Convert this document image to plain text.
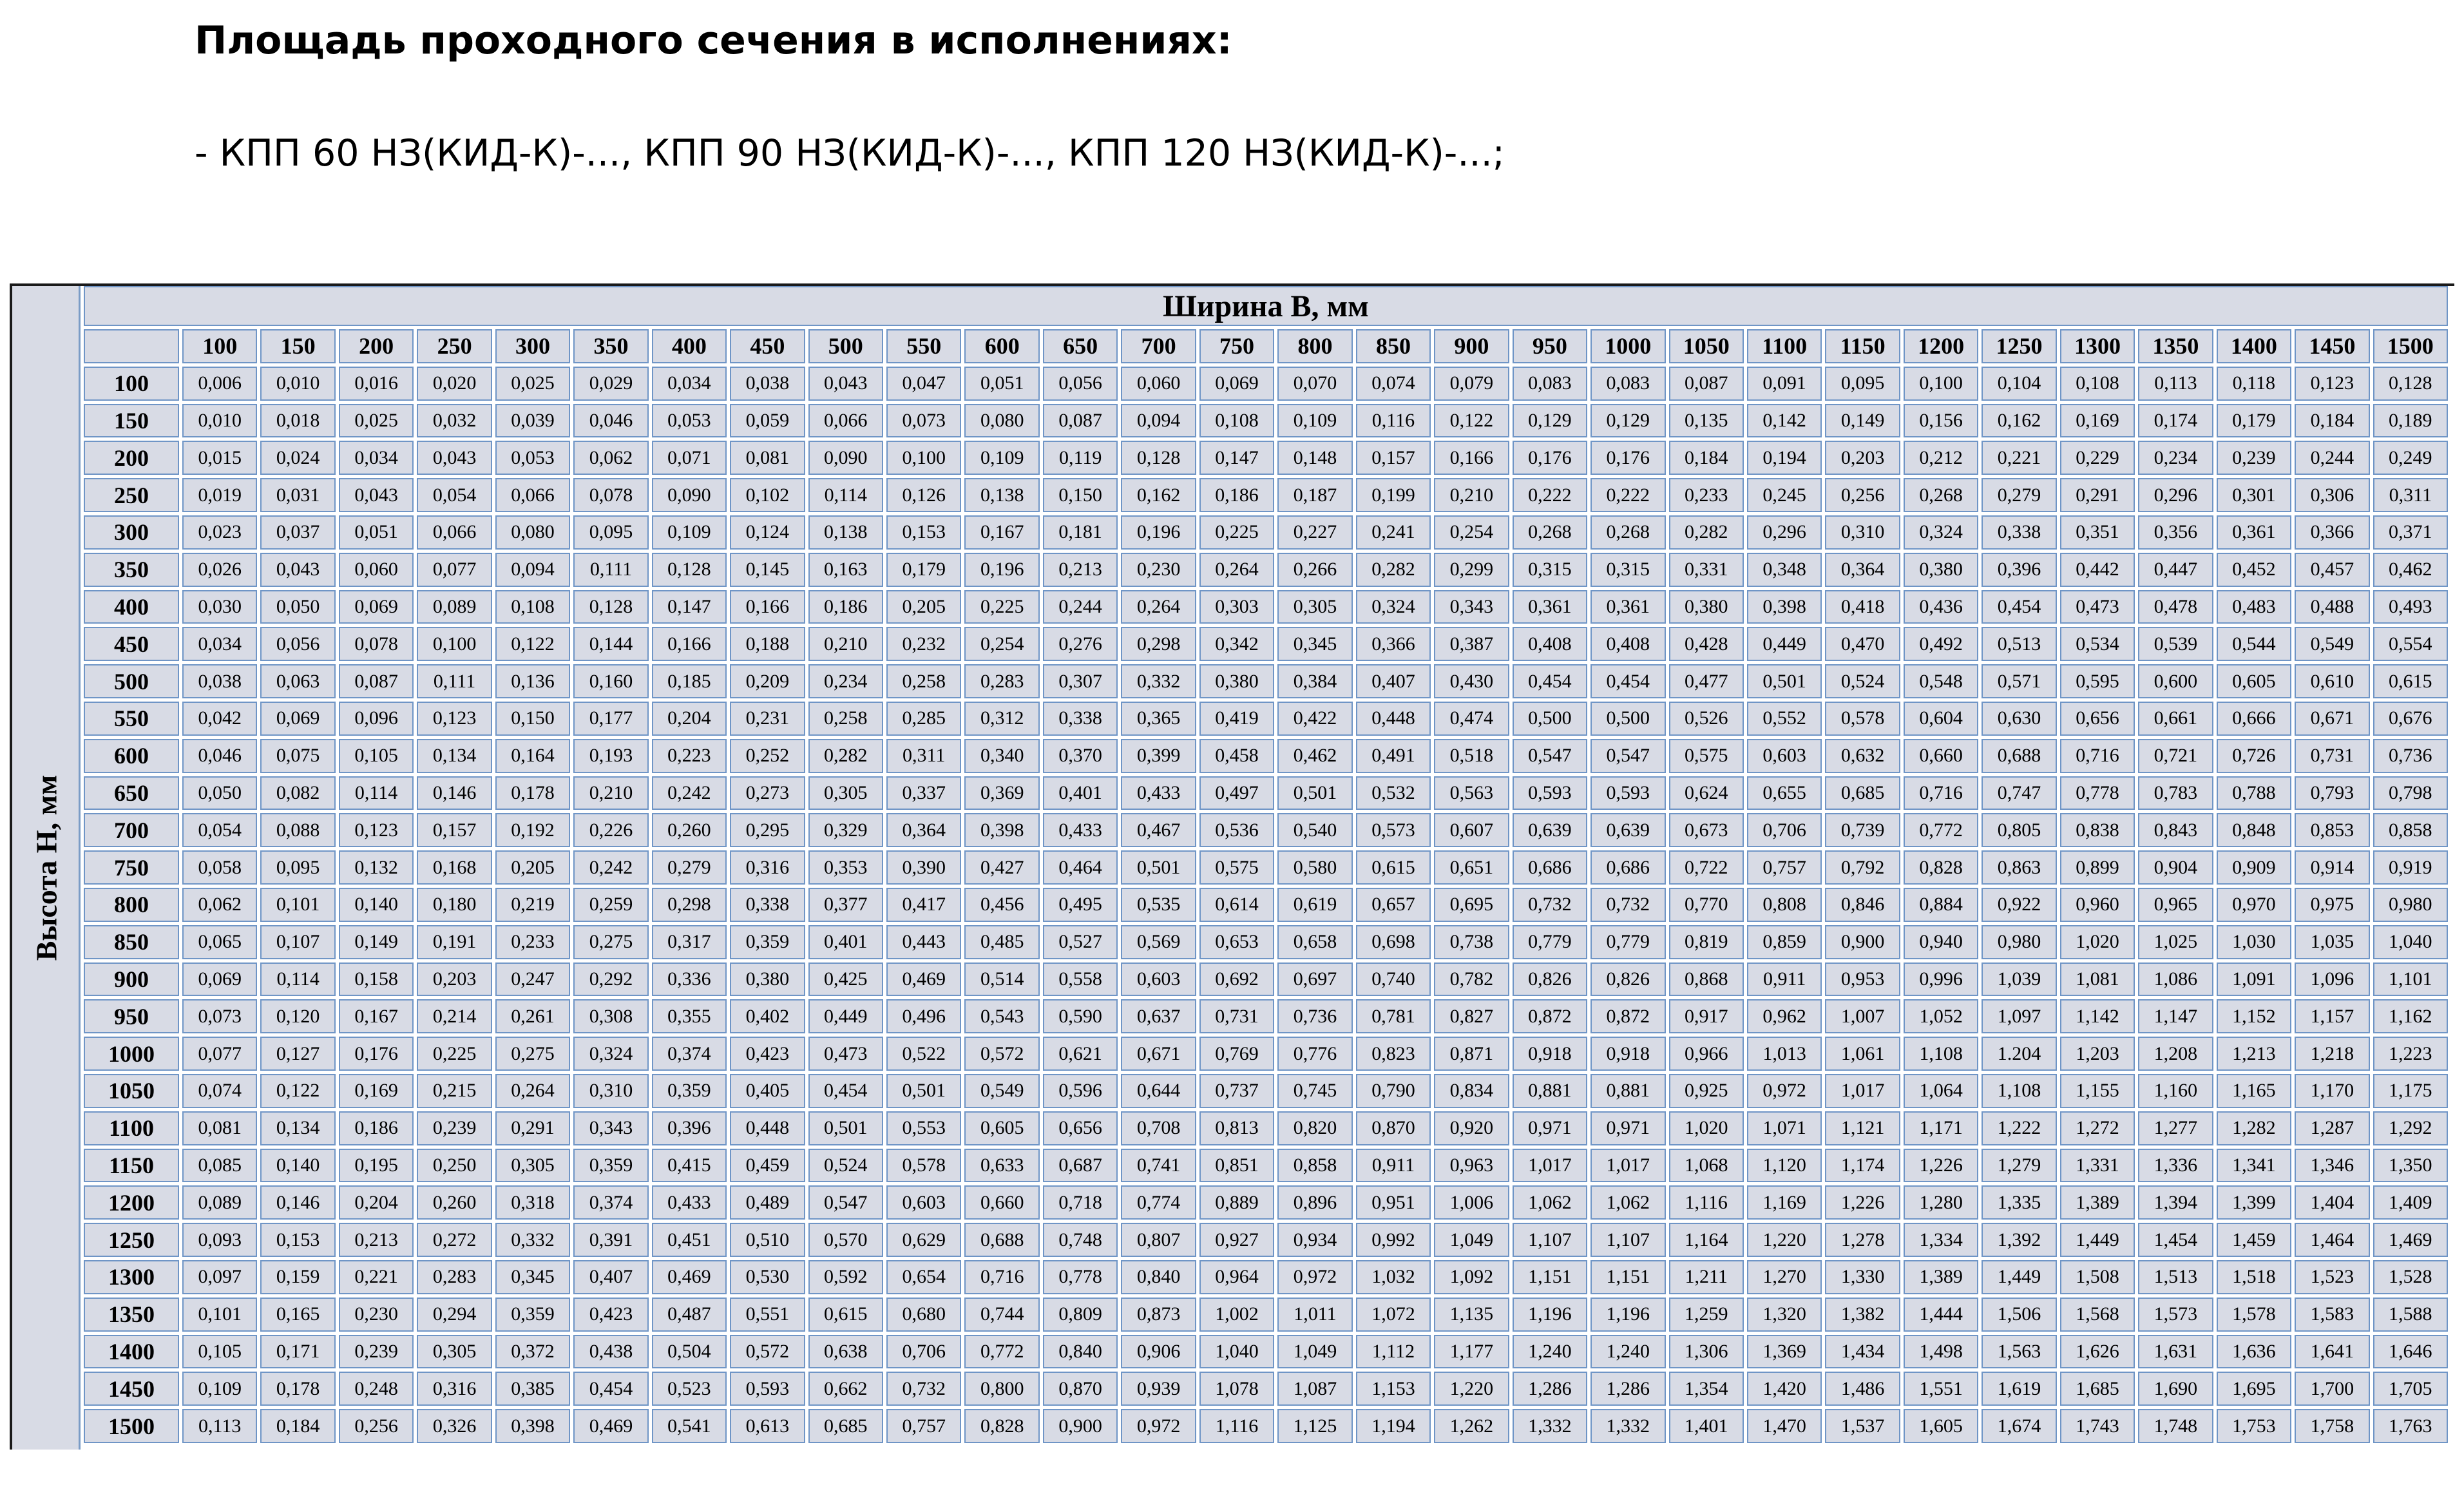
Площадь проходного сечения в исполнениях:
- КПП 60 НЗ(КИД-К)-..., КПП 90 НЗ(КИД-К)-..., КПП 120 НЗ(КИД-К)-...;
Высота Н, мм
Ширина В, мм
100	150	200	250	300	350	400	450	500	550	600	650	700	750	800	850	900	950	1000	1050	1100	1150	1200	1250	1300	1350	1400	1450	1500
100	0,006	0,010	0,016	0,020	0,025	0,029	0,034	0,038	0,043	0,047	0,051	0,056	0,060	0,069	0,070	0,074	0,079	0,083	0,083	0,087	0,091	0,095	0,100	0,104	0,108	0,113	0,118	0,123	0,128
150	0,010	0,018	0,025	0,032	0,039	0,046	0,053	0,059	0,066	0,073	0,080	0,087	0,094	0,108	0,109	0,116	0,122	0,129	0,129	0,135	0,142	0,149	0,156	0,162	0,169	0,174	0,179	0,184	0,189
200	0,015	0,024	0,034	0,043	0,053	0,062	0,071	0,081	0,090	0,100	0,109	0,119	0,128	0,147	0,148	0,157	0,166	0,176	0,176	0,184	0,194	0,203	0,212	0,221	0,229	0,234	0,239	0,244	0,249
250	0,019	0,031	0,043	0,054	0,066	0,078	0,090	0,102	0,114	0,126	0,138	0,150	0,162	0,186	0,187	0,199	0,210	0,222	0,222	0,233	0,245	0,256	0,268	0,279	0,291	0,296	0,301	0,306	0,311
300	0,023	0,037	0,051	0,066	0,080	0,095	0,109	0,124	0,138	0,153	0,167	0,181	0,196	0,225	0,227	0,241	0,254	0,268	0,268	0,282	0,296	0,310	0,324	0,338	0,351	0,356	0,361	0,366	0,371
350	0,026	0,043	0,060	0,077	0,094	0,111	0,128	0,145	0,163	0,179	0,196	0,213	0,230	0,264	0,266	0,282	0,299	0,315	0,315	0,331	0,348	0,364	0,380	0,396	0,442	0,447	0,452	0,457	0,462
400	0,030	0,050	0,069	0,089	0,108	0,128	0,147	0,166	0,186	0,205	0,225	0,244	0,264	0,303	0,305	0,324	0,343	0,361	0,361	0,380	0,398	0,418	0,436	0,454	0,473	0,478	0,483	0,488	0,493
450	0,034	0,056	0,078	0,100	0,122	0,144	0,166	0,188	0,210	0,232	0,254	0,276	0,298	0,342	0,345	0,366	0,387	0,408	0,408	0,428	0,449	0,470	0,492	0,513	0,534	0,539	0,544	0,549	0,554
500	0,038	0,063	0,087	0,111	0,136	0,160	0,185	0,209	0,234	0,258	0,283	0,307	0,332	0,380	0,384	0,407	0,430	0,454	0,454	0,477	0,501	0,524	0,548	0,571	0,595	0,600	0,605	0,610	0,615
550	0,042	0,069	0,096	0,123	0,150	0,177	0,204	0,231	0,258	0,285	0,312	0,338	0,365	0,419	0,422	0,448	0,474	0,500	0,500	0,526	0,552	0,578	0,604	0,630	0,656	0,661	0,666	0,671	0,676
600	0,046	0,075	0,105	0,134	0,164	0,193	0,223	0,252	0,282	0,311	0,340	0,370	0,399	0,458	0,462	0,491	0,518	0,547	0,547	0,575	0,603	0,632	0,660	0,688	0,716	0,721	0,726	0,731	0,736
650	0,050	0,082	0,114	0,146	0,178	0,210	0,242	0,273	0,305	0,337	0,369	0,401	0,433	0,497	0,501	0,532	0,563	0,593	0,593	0,624	0,655	0,685	0,716	0,747	0,778	0,783	0,788	0,793	0,798
700	0,054	0,088	0,123	0,157	0,192	0,226	0,260	0,295	0,329	0,364	0,398	0,433	0,467	0,536	0,540	0,573	0,607	0,639	0,639	0,673	0,706	0,739	0,772	0,805	0,838	0,843	0,848	0,853	0,858
750	0,058	0,095	0,132	0,168	0,205	0,242	0,279	0,316	0,353	0,390	0,427	0,464	0,501	0,575	0,580	0,615	0,651	0,686	0,686	0,722	0,757	0,792	0,828	0,863	0,899	0,904	0,909	0,914	0,919
800	0,062	0,101	0,140	0,180	0,219	0,259	0,298	0,338	0,377	0,417	0,456	0,495	0,535	0,614	0,619	0,657	0,695	0,732	0,732	0,770	0,808	0,846	0,884	0,922	0,960	0,965	0,970	0,975	0,980
850	0,065	0,107	0,149	0,191	0,233	0,275	0,317	0,359	0,401	0,443	0,485	0,527	0,569	0,653	0,658	0,698	0,738	0,779	0,779	0,819	0,859	0,900	0,940	0,980	1,020	1,025	1,030	1,035	1,040
900	0,069	0,114	0,158	0,203	0,247	0,292	0,336	0,380	0,425	0,469	0,514	0,558	0,603	0,692	0,697	0,740	0,782	0,826	0,826	0,868	0,911	0,953	0,996	1,039	1,081	1,086	1,091	1,096	1,101
950	0,073	0,120	0,167	0,214	0,261	0,308	0,355	0,402	0,449	0,496	0,543	0,590	0,637	0,731	0,736	0,781	0,827	0,872	0,872	0,917	0,962	1,007	1,052	1,097	1,142	1,147	1,152	1,157	1,162
1000	0,077	0,127	0,176	0,225	0,275	0,324	0,374	0,423	0,473	0,522	0,572	0,621	0,671	0,769	0,776	0,823	0,871	0,918	0,918	0,966	1,013	1,061	1,108	1.204	1,203	1,208	1,213	1,218	1,223
1050	0,074	0,122	0,169	0,215	0,264	0,310	0,359	0,405	0,454	0,501	0,549	0,596	0,644	0,737	0,745	0,790	0,834	0,881	0,881	0,925	0,972	1,017	1,064	1,108	1,155	1,160	1,165	1,170	1,175
1100	0,081	0,134	0,186	0,239	0,291	0,343	0,396	0,448	0,501	0,553	0,605	0,656	0,708	0,813	0,820	0,870	0,920	0,971	0,971	1,020	1,071	1,121	1,171	1,222	1,272	1,277	1,282	1,287	1,292
1150	0,085	0,140	0,195	0,250	0,305	0,359	0,415	0,459	0,524	0,578	0,633	0,687	0,741	0,851	0,858	0,911	0,963	1,017	1,017	1,068	1,120	1,174	1,226	1,279	1,331	1,336	1,341	1,346	1,350
1200	0,089	0,146	0,204	0,260	0,318	0,374	0,433	0,489	0,547	0,603	0,660	0,718	0,774	0,889	0,896	0,951	1,006	1,062	1,062	1,116	1,169	1,226	1,280	1,335	1,389	1,394	1,399	1,404	1,409
1250	0,093	0,153	0,213	0,272	0,332	0,391	0,451	0,510	0,570	0,629	0,688	0,748	0,807	0,927	0,934	0,992	1,049	1,107	1,107	1,164	1,220	1,278	1,334	1,392	1,449	1,454	1,459	1,464	1,469
1300	0,097	0,159	0,221	0,283	0,345	0,407	0,469	0,530	0,592	0,654	0,716	0,778	0,840	0,964	0,972	1,032	1,092	1,151	1,151	1,211	1,270	1,330	1,389	1,449	1,508	1,513	1,518	1,523	1,528
1350	0,101	0,165	0,230	0,294	0,359	0,423	0,487	0,551	0,615	0,680	0,744	0,809	0,873	1,002	1,011	1,072	1,135	1,196	1,196	1,259	1,320	1,382	1,444	1,506	1,568	1,573	1,578	1,583	1,588
1400	0,105	0,171	0,239	0,305	0,372	0,438	0,504	0,572	0,638	0,706	0,772	0,840	0,906	1,040	1,049	1,112	1,177	1,240	1,240	1,306	1,369	1,434	1,498	1,563	1,626	1,631	1,636	1,641	1,646
1450	0,109	0,178	0,248	0,316	0,385	0,454	0,523	0,593	0,662	0,732	0,800	0,870	0,939	1,078	1,087	1,153	1,220	1,286	1,286	1,354	1,420	1,486	1,551	1,619	1,685	1,690	1,695	1,700	1,705
1500	0,113	0,184	0,256	0,326	0,398	0,469	0,541	0,613	0,685	0,757	0,828	0,900	0,972	1,116	1,125	1,194	1,262	1,332	1,332	1,401	1,470	1,537	1,605	1,674	1,743	1,748	1,753	1,758	1,763
